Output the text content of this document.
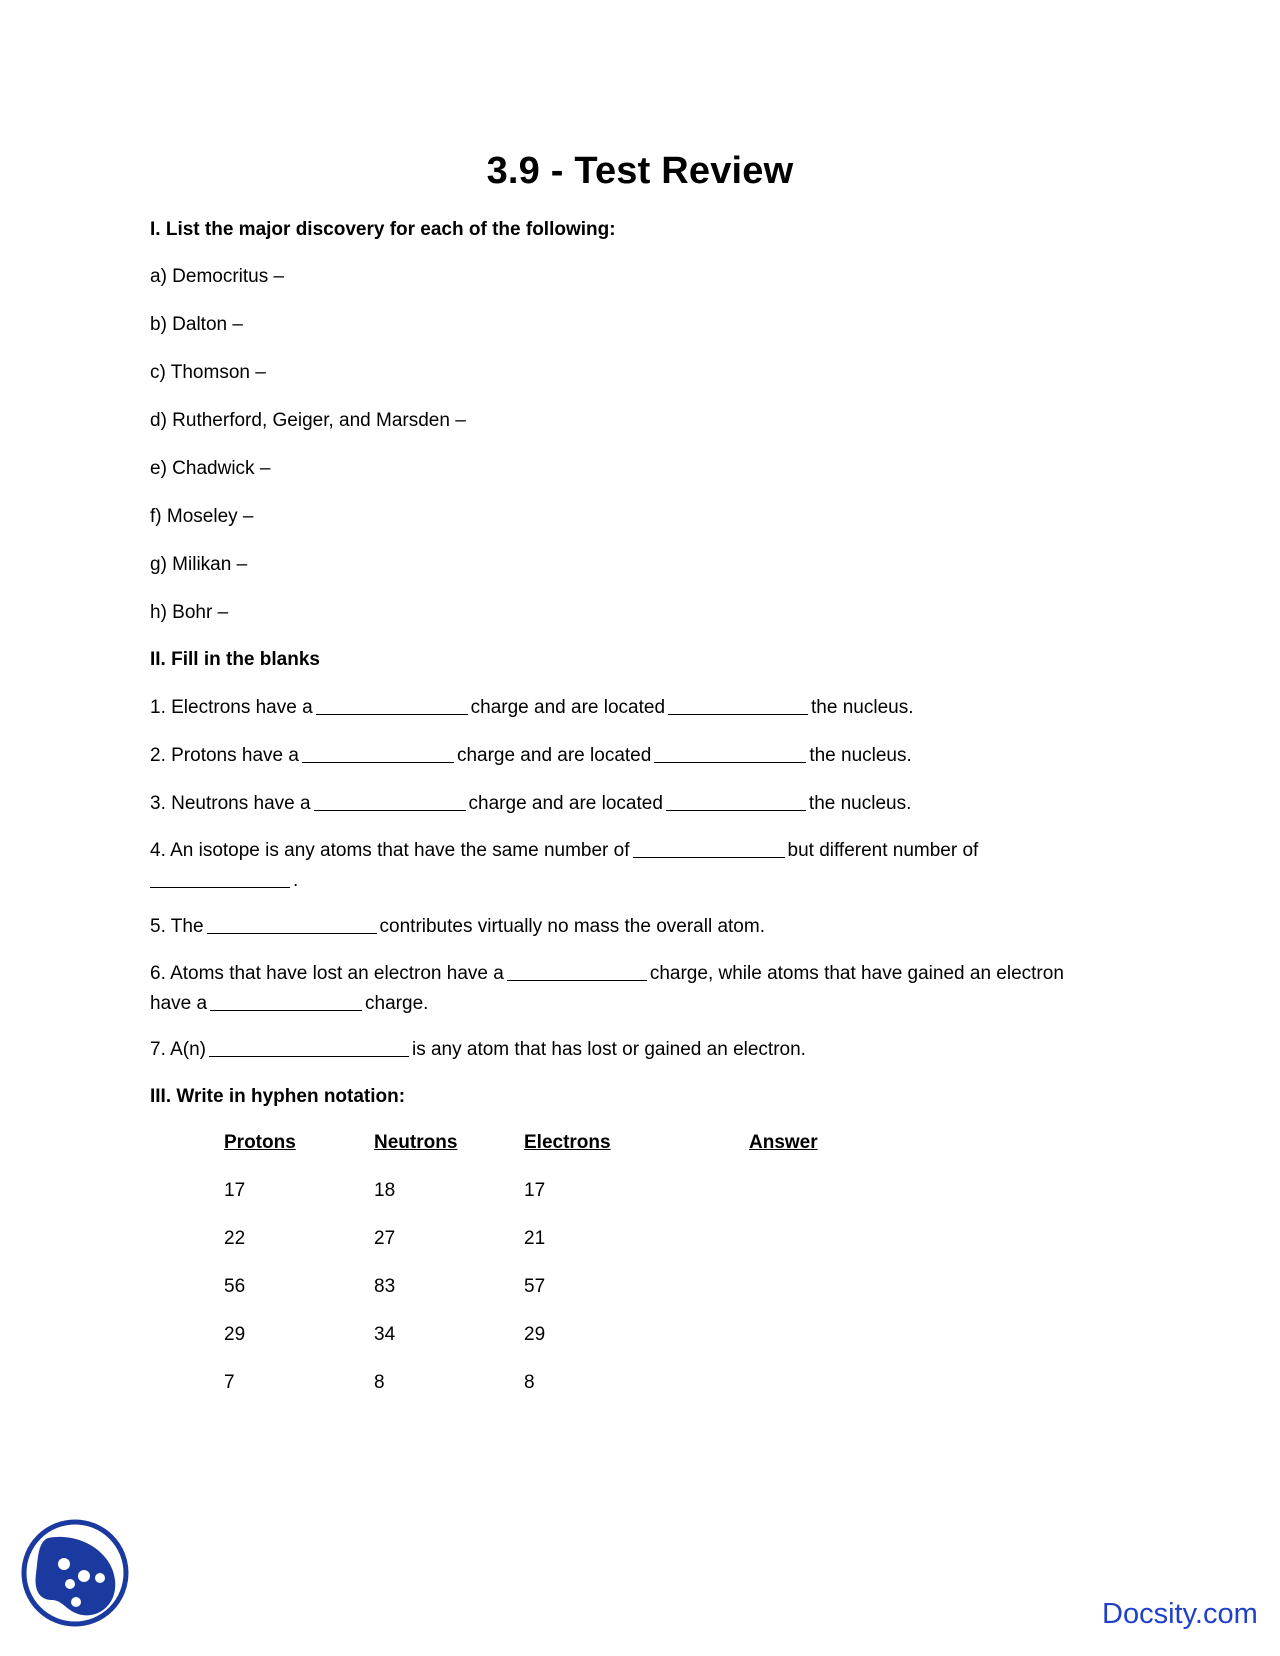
3.9 - Test Review
I. List the major discovery for each of the following:
a) Democritus –
b) Dalton –
c) Thomson –
d) Rutherford, Geiger, and Marsden –
e) Chadwick –
f) Moseley –
g) Milikan –
h) Bohr –
II. Fill in the blanks
1. Electrons have a	charge and are located	the nucleus.
2. Protons have a	charge and are located	the nucleus.
3. Neutrons have a	charge and are located	the nucleus.
4. An isotope is any atoms that have the same number of	but different number of
.
5. The	contributes virtually no mass the overall atom.
6. Atoms that have lost an electron have a	charge, while atoms that have gained an electron
have a	charge.
7. A(n)	is any atom that has lost or gained an electron.
III. Write in hyphen notation:
Protons	Neutrons	Electrons	Answer
17	18	17
22	27	21
56	83	57
29	34	29
7	8	8
Docsity.com
